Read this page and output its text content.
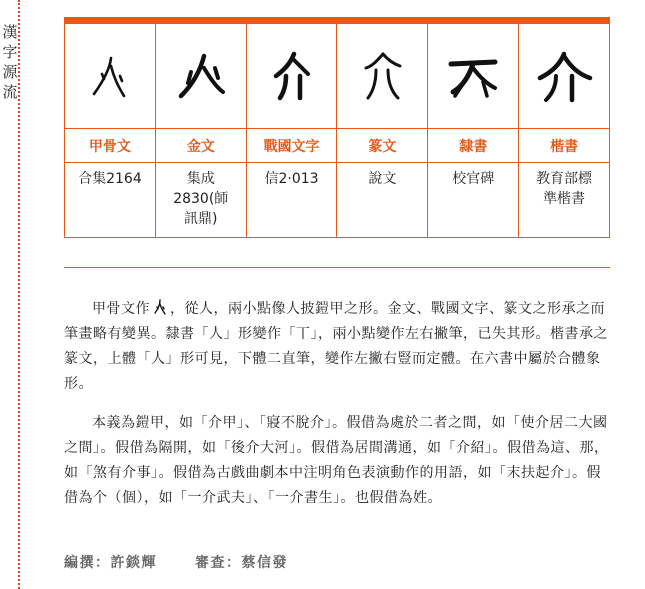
漢
字
源
流

甲骨文	金文	戰國文字	篆文	隸書	楷書
合集2164	集成2830(師訊鼎)	信2·013	說文	校官碑	教育部標準楷書

甲骨文作 ，從人，兩小點像人披鎧甲之形。金文、戰國文字、篆文之形承之而筆畫略有變異。隸書「人」形變作「丅」，兩小點變作左右撇筆，已失其形。楷書承之篆文，上體「人」形可見，下體二直筆，變作左撇右豎而定體。在六書中屬於合體象形。

本義為鎧甲，如「介甲」、「寢不脫介」。假借為處於二者之間，如「使介居二大國之間」。假借為隔開，如「後介大河」。假借為居間溝通，如「介紹」。假借為這、那，如「煞有介事」。假借為古戲曲劇本中注明角色表演動作的用語，如「末扶起介」。假借為个（個），如「一介武夫」、「一介書生」。也假借為姓。

編撰：許錟輝	審查：蔡信發
